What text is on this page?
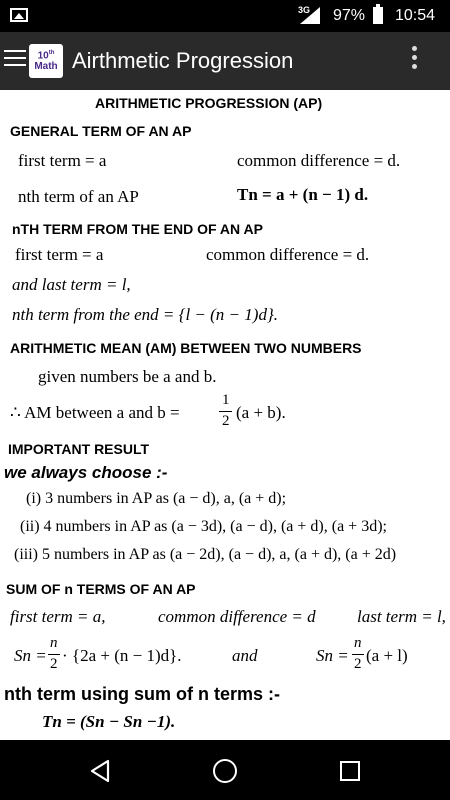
3G 97% 10:54
10th
Math Airthmetic Progression
ARITHMETIC PROGRESSION (AP)
GENERAL TERM OF AN AP
first term = a	common difference = d.
nth term of an AP	Tn = a + (n − 1) d.
nTH TERM FROM THE END OF AN AP
first term = a	common difference = d.
and last term = l,
nth term from the end = {l − (n − 1)d}.
ARITHMETIC MEAN (AM) BETWEEN TWO NUMBERS
given numbers be a and b.
∴ AM between a and b =
1
2 (a + b).
IMPORTANT RESULT
we always choose :-
(i) 3 numbers in AP as (a − d), a, (a + d);
(ii) 4 numbers in AP as (a − 3d), (a − d), (a + d), (a + 3d);
(iii) 5 numbers in AP as (a − 2d), (a − d), a, (a + d), (a + 2d)
SUM OF n TERMS OF AN AP
first term = a,	common difference = d last term = l,
Sn =
n
2 · {2a + (n − 1)d}.	and	Sn =
n
2 (a + l)
nth term using sum of n terms :-
Tn = (Sn − Sn −1).
